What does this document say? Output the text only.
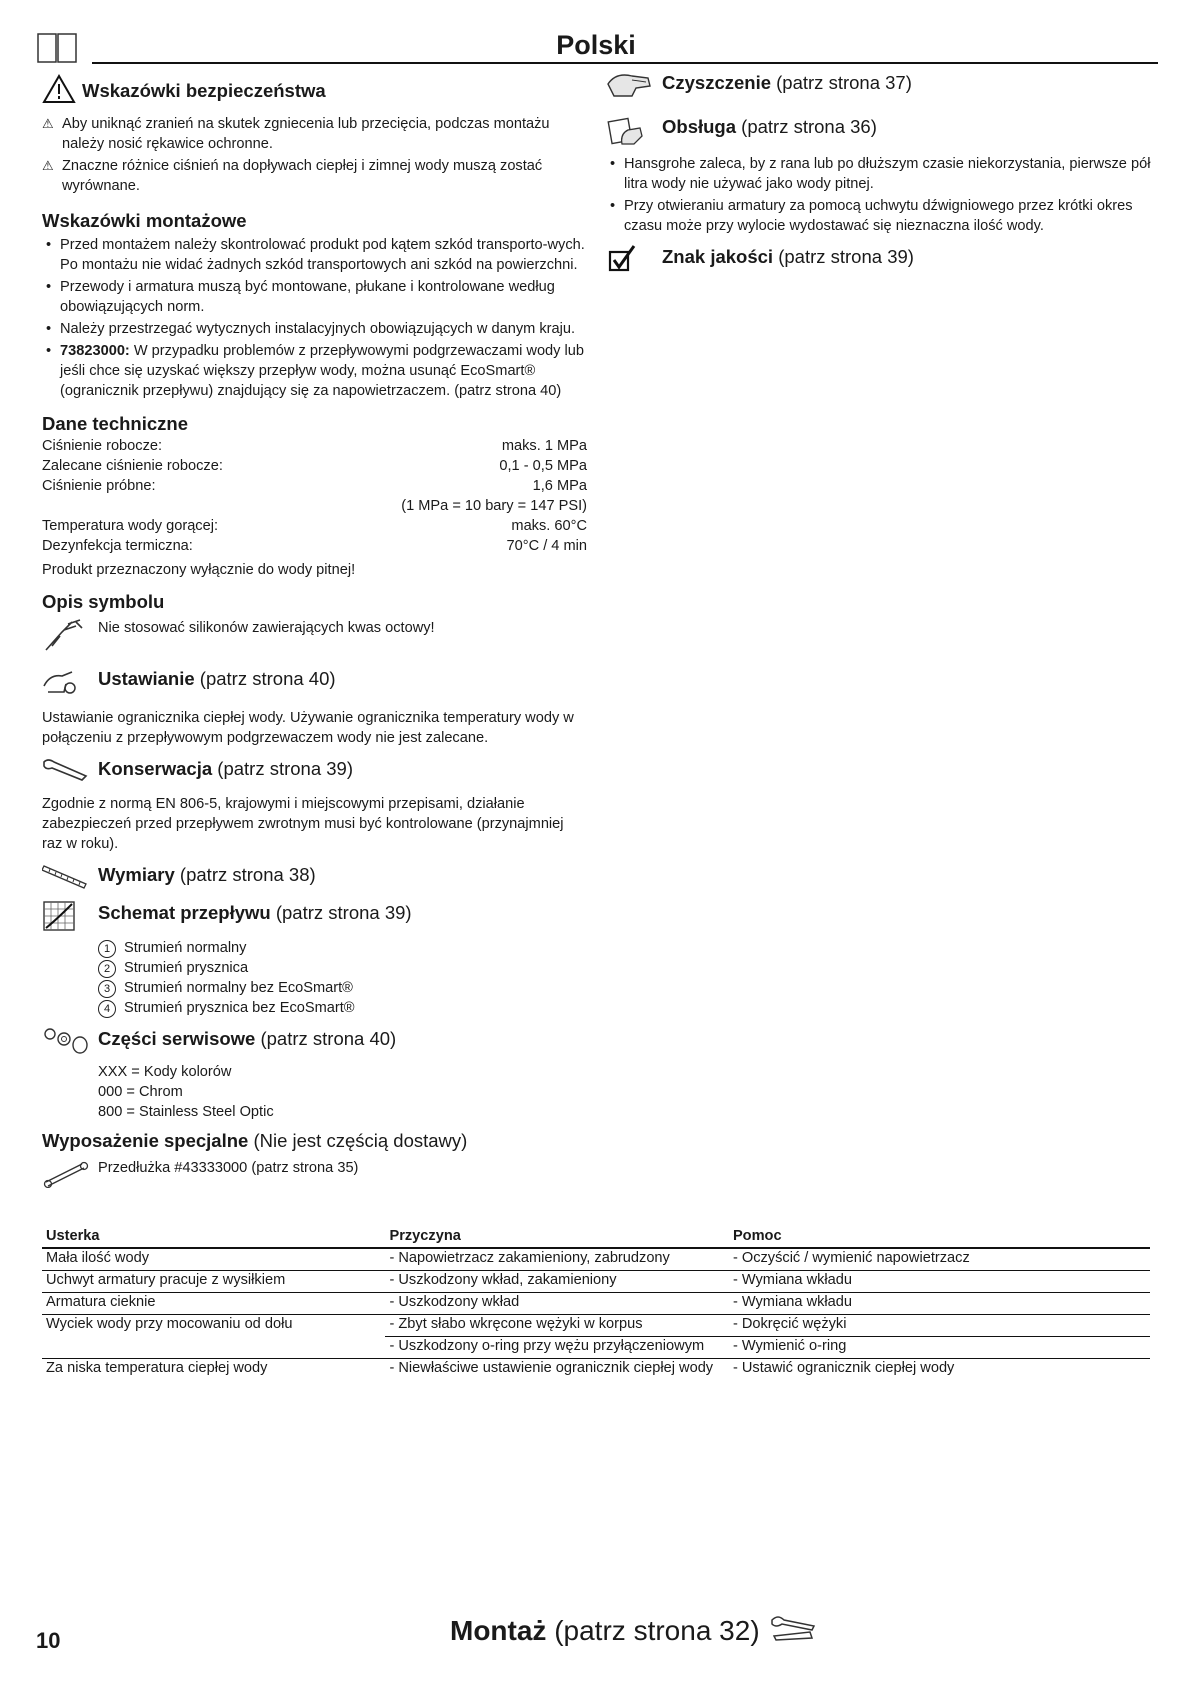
Polski
Wskazówki bezpieczeństwa
⚠ Aby uniknąć zranień na skutek zgniecenia lub przecięcia, podczas montażu należy nosić rękawice ochronne.
⚠ Znaczne różnice ciśnień na dopływach ciepłej i zimnej wody muszą zostać wyrównane.
Wskazówki montażowe
• Przed montażem należy skontrolować produkt pod kątem szkód transporto-wych. Po montażu nie widać żadnych szkód transportowych ani szkód na powierzchni.
• Przewody i armatura muszą być montowane, płukane i kontrolowane według obowiązujących norm.
• Należy przestrzegać wytycznych instalacyjnych obowiązujących w danym kraju.
• 73823000: W przypadku problemów z przepływowymi podgrzewaczami wody lub jeśli chce się uzyskać większy przepływ wody, można usunąć EcoSmart® (ogranicznik przepływu) znajdujący się za napowietrzaczem. (patrz strona 40)
Dane techniczne
Ciśnienie robocze:	maks. 1 MPa
Zalecane ciśnienie robocze:	0,1 - 0,5 MPa
Ciśnienie próbne:	1,6 MPa
(1 MPa = 10 bary = 147 PSI)
Temperatura wody gorącej:	maks. 60°C
Dezynfekcja termiczna:	70°C / 4 min
Produkt przeznaczony wyłącznie do wody pitnej!
Opis symbolu
Nie stosować silikonów zawierających kwas octowy!
Ustawianie (patrz strona 40)
Ustawianie ogranicznika ciepłej wody. Używanie ogranicznika temperatury wody w połączeniu z przepływowym podgrzewaczem wody nie jest zalecane.
Konserwacja (patrz strona 39)
Zgodnie z normą EN 806-5, krajowymi i miejscowymi przepisami, działanie zabezpieczeń przed przepływem zwrotnym musi być kontrolowane (przynajmniej raz w roku).
Wymiary (patrz strona 38)
Schemat przepływu (patrz strona 39)
1 Strumień normalny
2 Strumień prysznica
3 Strumień normalny bez EcoSmart®
4 Strumień prysznica bez EcoSmart®
Części serwisowe (patrz strona 40)
XXX = Kody kolorów
000 = Chrom
800 = Stainless Steel Optic
Wyposażenie specjalne (Nie jest częścią dostawy)
Przedłużka #43333000 (patrz strona 35)
Czyszczenie (patrz strona 37)
Obsługa (patrz strona 36)
• Hansgrohe zaleca, by z rana lub po dłuższym czasie niekorzystania, pierwsze pół litra wody nie używać jako wody pitnej.
• Przy otwieraniu armatury za pomocą uchwytu dźwigniowego przez krótki okres czasu może przy wylocie wydostawać się nieznaczna ilość wody.
Znak jakości (patrz strona 39)
Usterka	Przyczyna	Pomoc
Mała ilość wody	- Napowietrzacz zakamieniony, zabrudzony	- Oczyścić / wymienić napowietrzacz
Uchwyt armatury pracuje z wysiłkiem	- Uszkodzony wkład, zakamieniony	- Wymiana wkładu
Armatura cieknie	- Uszkodzony wkład	- Wymiana wkładu
Wyciek wody przy mocowaniu od dołu	- Zbyt słabo wkręcone wężyki w korpus	- Dokręcić wężyki
	- Uszkodzony o-ring przy wężu przyłączeniowym	- Wymienić o-ring
Za niska temperatura ciepłej wody	- Niewłaściwe ustawienie ogranicznik ciepłej wody	- Ustawić ogranicznik ciepłej wody
10	Montaż (patrz strona 32)
